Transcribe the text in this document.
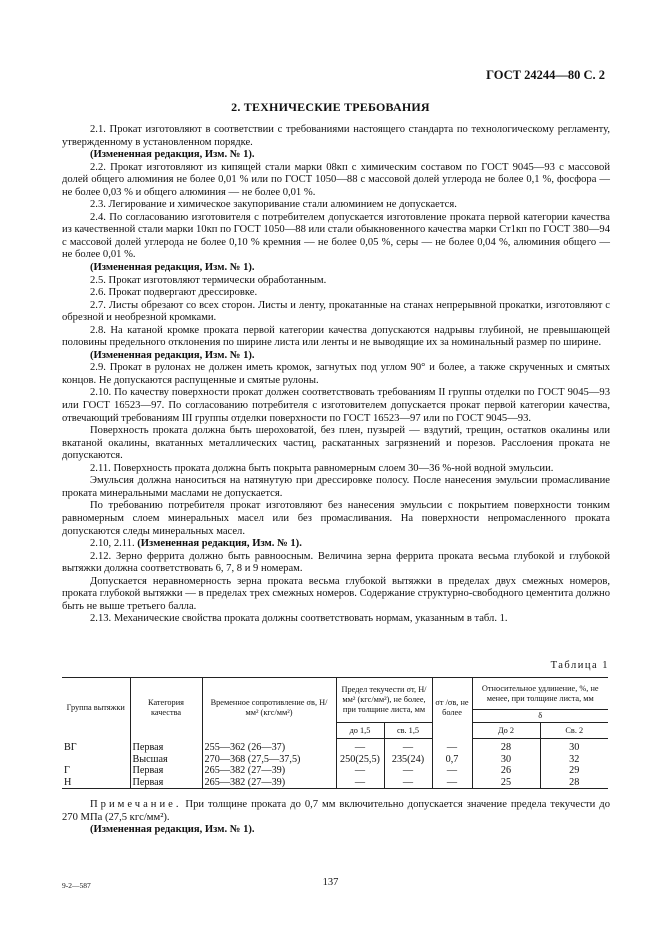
ГОСТ 24244—80 С. 2
2. ТЕХНИЧЕСКИЕ ТРЕБОВАНИЯ

2.1. Прокат изготовляют в соответствии с требованиями настоящего стандарта по технологическому регламенту, утвержденному в установленном порядке.

(Измененная редакция, Изм. № 1).

2.2. Прокат изготовляют из кипящей стали марки 08кп с химическим составом по ГОСТ 9045—93 с массовой долей общего алюминия не более 0,01 % или по ГОСТ 1050—88 с массовой долей углерода не более 0,1 %, фосфора — не более 0,03 % и общего алюминия — не более 0,01 %.

2.3. Легирование и химическое закупоривание стали алюминием не допускается.

2.4. По согласованию изготовителя с потребителем допускается изготовление проката первой категории качества из качественной стали марки 10кп по ГОСТ 1050—88 или стали обыкновенного качества марки Ст1кп по ГОСТ 380—94 с массовой долей углерода не более 0,10 % кремния — не более 0,05 %, серы — не более 0,04 %, алюминия общего — не более 0,01 %.

(Измененная редакция, Изм. № 1).

2.5. Прокат изготовляют термически обработанным.

2.6. Прокат подвергают дрессировке.

2.7. Листы обрезают со всех сторон. Листы и ленту, прокатанные на станах непрерывной прокатки, изготовляют с обрезной и необрезной кромками.

2.8. На катаной кромке проката первой категории качества допускаются надрывы глубиной, не превышающей половины предельного отклонения по ширине листа или ленты и не выводящие их за номинальный размер по ширине.

(Измененная редакция, Изм. № 1).

2.9. Прокат в рулонах не должен иметь кромок, загнутых под углом 90° и более, а также скрученных и смятых концов. Не допускаются распущенные и смятые рулоны.

2.10. По качеству поверхности прокат должен соответствовать требованиям II группы отделки по ГОСТ 9045—93 или ГОСТ 16523—97. По согласованию потребителя с изготовителем допускается прокат первой категории качества, отвечающий требованиям III группы отделки поверхности по ГОСТ 16523—97 или по ГОСТ 9045—93.

Поверхность проката должна быть шероховатой, без плен, пузырей — вздутий, трещин, остатков окалины или вкатаной окалины, вкатанных металлических частиц, раскатанных загрязнений и порезов. Расслоения проката не допускаются.

2.11. Поверхность проката должна быть покрыта равномерным слоем 30—36 %-ной водной эмульсии.

Эмульсия должна наноситься на натянутую при дрессировке полосу. После нанесения эмульсии промасливание проката минеральными маслами не допускается.

По требованию потребителя прокат изготовляют без нанесения эмульсии с покрытием поверхности тонким равномерным слоем минеральных масел или без промасливания. На поверхности непромасленного проката допускаются следы минеральных масел.

2.10, 2.11. (Измененная редакция, Изм. № 1).

2.12. Зерно феррита должно быть равноосным. Величина зерна феррита проката весьма глубокой и глубокой вытяжки должна соответствовать 6, 7, 8 и 9 номерам.

Допускается неравномерность зерна проката весьма глубокой вытяжки в пределах двух смежных номеров, проката глубокой вытяжки — в пределах трех смежных номеров. Содержание структурно-свободного цементита должно быть не выше третьего балла.

2.13. Механические свойства проката должны соответствовать нормам, указанным в табл. 1.

Таблица 1
Группа вытяжки	Категория качества	Временное сопротивление σв, Н/мм² (кгс/мм²)	Предел текучести σт, Н/мм² (кгс/мм²), не более, при толщине листа, мм		σт /σв, не более	Относительное удлинение, %, не менее, при толщине листа, мм	
						δ	
			до 1,5	св. 1,5		До 2	Св. 2
ВГ	Первая	255—362 (26—37)	—	—	—	28	30
	Высшая	270—368 (27,5—37,5)	250(25,5)	235(24)	0,7	30	32
Г	Первая	265—382 (27—39)	—	—	—	26	29
Н	Первая	265—382 (27—39)	—	—	—	25	28

Примечание. При толщине проката до 0,7 мм включительно допускается значение предела текучести до 270 МПа (27,5 кгс/мм²).

(Измененная редакция, Изм. № 1).

9-2—587	137
